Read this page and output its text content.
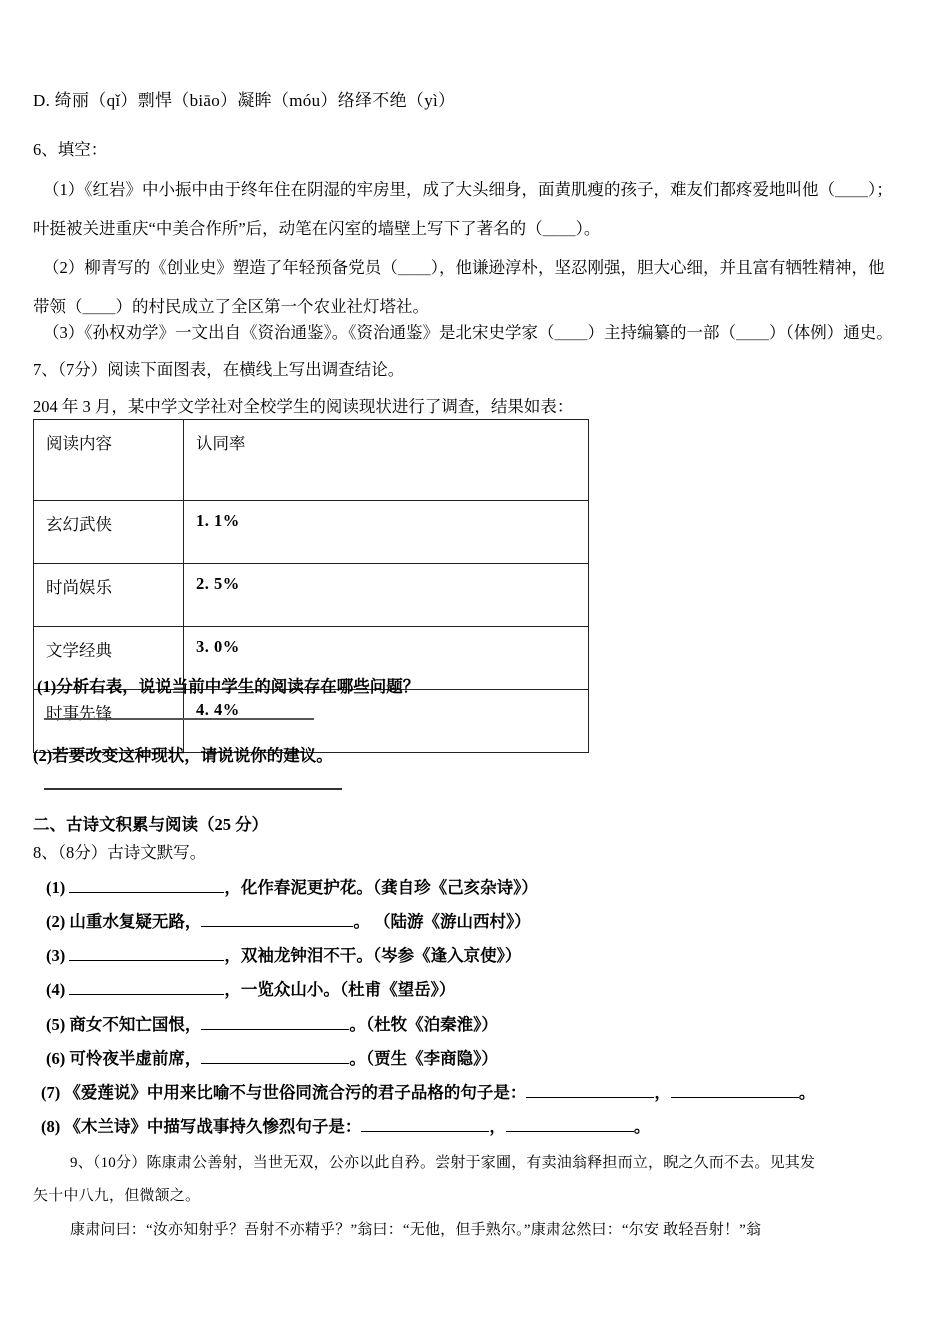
D. 绮丽（qǐ）剽悍（biāo）凝眸（móu）络绎不绝（yì）
6、填空：
（1）《红岩》中小振中由于终年住在阴湿的牢房里，成了大头细身，面黄肌瘦的孩子，难友们都疼爱地叫他（＿＿）；
叶挺被关进重庆“中美合作所”后，动笔在闪室的墙壁上写下了著名的（＿＿）。
（2）柳青写的《创业史》塑造了年轻预备党员（＿＿），他谦逊淳朴，坚忍刚强，胆大心细，并且富有牺牲精神，他
带领（＿＿）的村民成立了全区第一个农业社灯塔社。
（3）《孙权劝学》一文出自《资治通鉴》。《资治通鉴》是北宋史学家（＿＿）主持编纂的一部（＿＿）（体例）通史。
7、（7分）阅读下面图表，在横线上写出调查结论。
204 年 3 月，某中学文学社对全校学生的阅读现状进行了调查，结果如表：
阅读内容	认同率
玄幻武侠	1. 1%
时尚娱乐	2. 5%
文学经典	3. 0%
时事先锋	4. 4%
(1)分析右表，说说当前中学生的阅读存在哪些问题？
(2)若要改变这种现状，请说说你的建议。
二、古诗文积累与阅读（25 分）
8、（8分）古诗文默写。
(1)	，化作春泥更护花。（龚自珍《己亥杂诗》）
(2) 山重水复疑无路，	。 （陆游《游山西村》）
(3)	，双袖龙钟泪不干。（岑参《逢入京使》）
(4)	，一览众山小。（杜甫《望岳》）
(5) 商女不知亡国恨，	。（杜牧《泊秦淮》）
(6) 可怜夜半虚前席，	。（贾生《李商隐》）
(7) 《爱莲说》中用来比喻不与世俗同流合污的君子品格的句子是：	，	。
(8) 《木兰诗》中描写战事持久惨烈句子是：	，	。
9、（10分）陈康肃公善射，当世无双，公亦以此自矜。尝射于家圃，有卖油翁释担而立，睨之久而不去。见其发
矢十中八九，但微颔之。
康肃问曰：“汝亦知射乎？吾射不亦精乎？”翁曰：“无他，但手熟尔。”康肃忿然曰：“尔安 敢轻吾射！”翁
